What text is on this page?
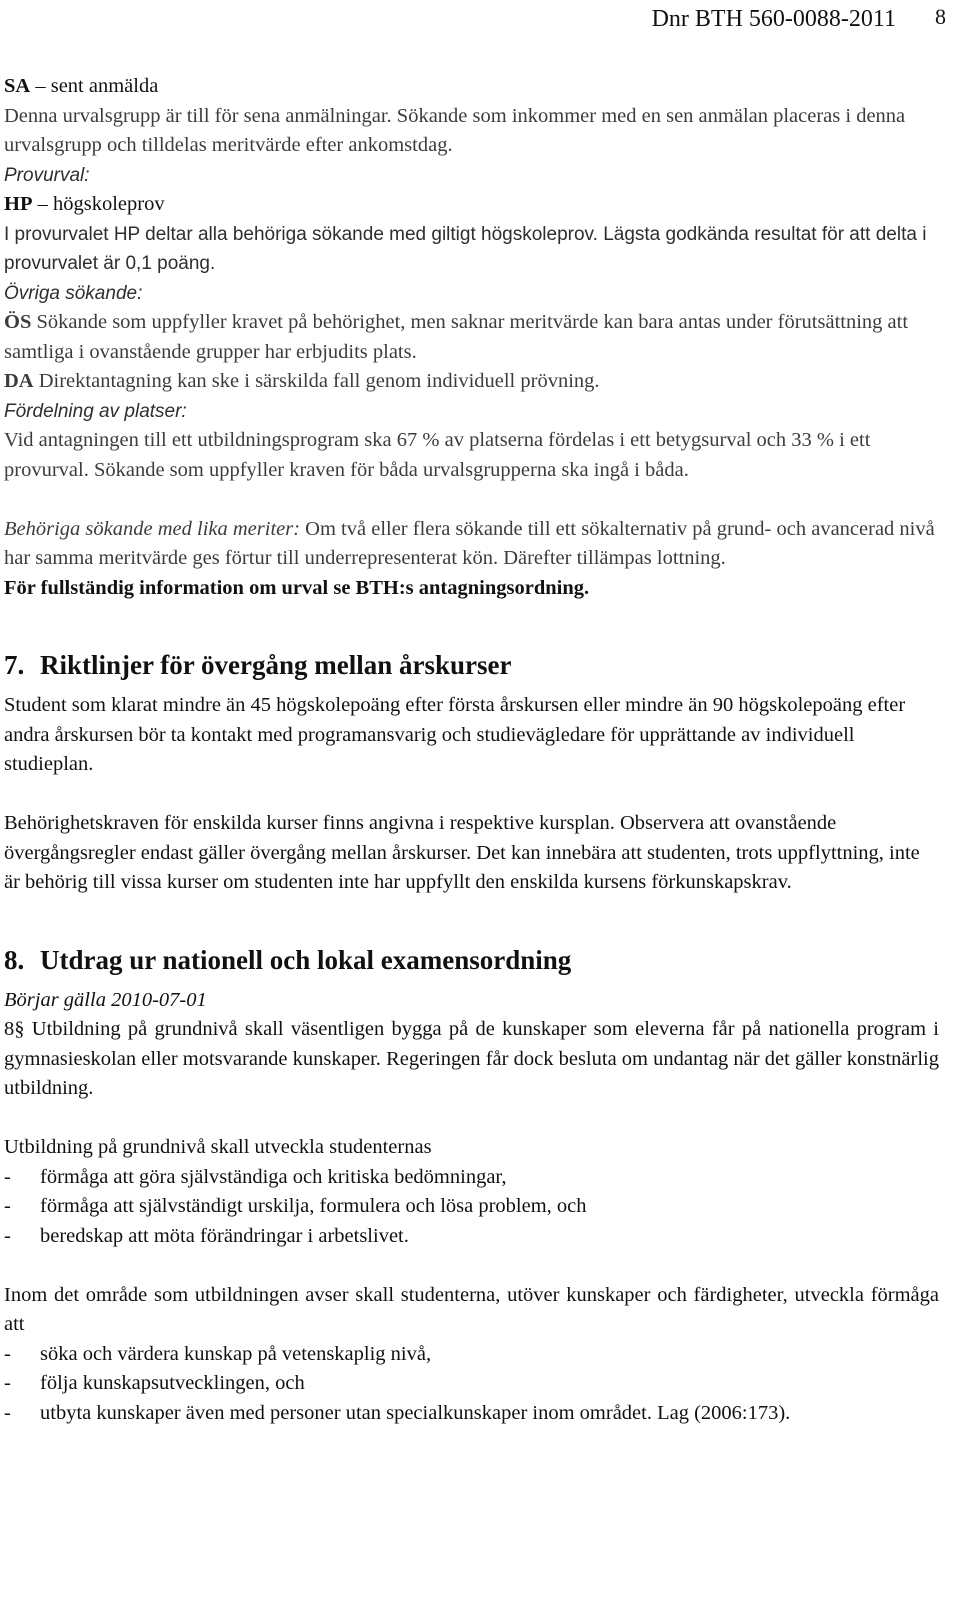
Dnr BTH 560-0088-2011 8

SA – sent anmälda

Denna urvalsgrupp är till för sena anmälningar. Sökande som inkommer med en sen anmälan placeras i denna urvalsgrupp och tilldelas meritvärde efter ankomstdag.

Provurval:

HP – högskoleprov

I provurvalet HP deltar alla behöriga sökande med giltigt högskoleprov. Lägsta godkända resultat för att delta i provurvalet är 0,1 poäng.

Övriga sökande:

ÖS Sökande som uppfyller kravet på behörighet, men saknar meritvärde kan bara antas under förutsättning att samtliga i ovanstående grupper har erbjudits plats.

DA Direktantagning kan ske i särskilda fall genom individuell prövning.

Fördelning av platser:

Vid antagningen till ett utbildningsprogram ska 67 % av platserna fördelas i ett betygsurval och 33 % i ett provurval. Sökande som uppfyller kraven för båda urvalsgrupperna ska ingå i båda.

Behöriga sökande med lika meriter: Om två eller flera sökande till ett sökalternativ på grund- och avancerad nivå har samma meritvärde ges förtur till underrepresenterat kön. Därefter tillämpas lottning.

För fullständig information om urval se BTH:s antagningsordning.

7. Riktlinjer för övergång mellan årskurser

Student som klarat mindre än 45 högskolepoäng efter första årskursen eller mindre än 90 högskolepoäng efter andra årskursen bör ta kontakt med programansvarig och studievägledare för upprättande av individuell studieplan.

Behörighetskraven för enskilda kurser finns angivna i respektive kursplan. Observera att ovanstående övergångsregler endast gäller övergång mellan årskurser. Det kan innebära att studenten, trots uppflyttning, inte är behörig till vissa kurser om studenten inte har uppfyllt den enskilda kursens förkunskapskrav.

8. Utdrag ur nationell och lokal examensordning

Börjar gälla 2010-07-01

8§ Utbildning på grundnivå skall väsentligen bygga på de kunskaper som eleverna får på nationella program i gymnasieskolan eller motsvarande kunskaper. Regeringen får dock besluta om undantag när det gäller konstnärlig utbildning.

Utbildning på grundnivå skall utveckla studenternas

- förmåga att göra självständiga och kritiska bedömningar,

- förmåga att självständigt urskilja, formulera och lösa problem, och

- beredskap att möta förändringar i arbetslivet.

Inom det område som utbildningen avser skall studenterna, utöver kunskaper och färdigheter, utveckla förmåga att

- söka och värdera kunskap på vetenskaplig nivå,

- följa kunskapsutvecklingen, och

- utbyta kunskaper även med personer utan specialkunskaper inom området. Lag (2006:173).
